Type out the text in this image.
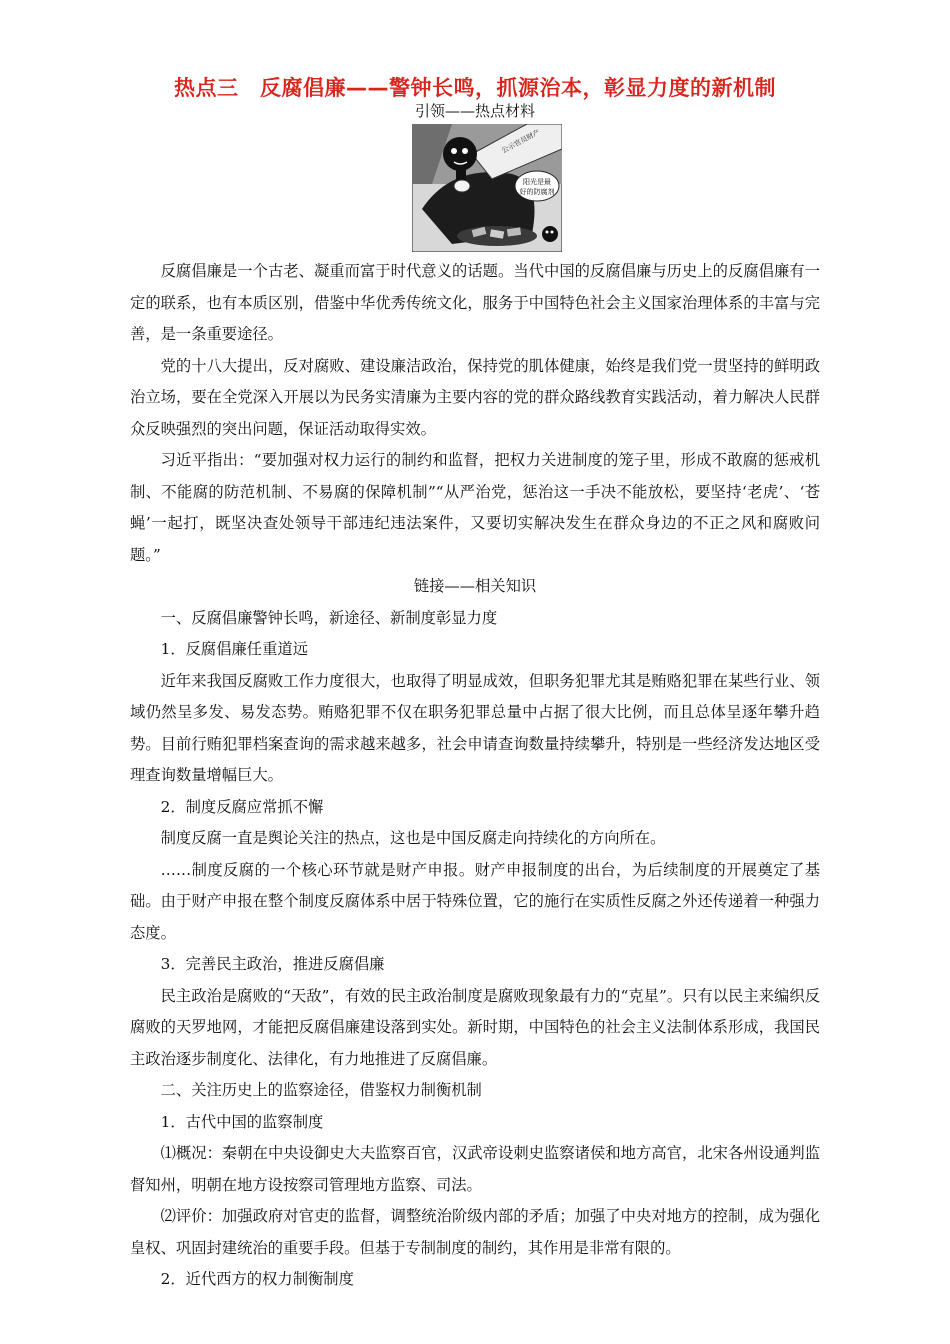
热点三　反腐倡廉——警钟长鸣，抓源治本，彰显力度的新机制
引领——热点材料
公示官员财产
阳光是最
好的防腐剂

反腐倡廉是一个古老、凝重而富于时代意义的话题。当代中国的反腐倡廉与历史上的反腐倡廉有一定的联系，也有本质区别，借鉴中华优秀传统文化，服务于中国特色社会主义国家治理体系的丰富与完善，是一条重要途径。

党的十八大提出，反对腐败、建设廉洁政治，保持党的肌体健康，始终是我们党一贯坚持的鲜明政治立场，要在全党深入开展以为民务实清廉为主要内容的党的群众路线教育实践活动，着力解决人民群众反映强烈的突出问题，保证活动取得实效。

习近平指出：“要加强对权力运行的制约和监督，把权力关进制度的笼子里，形成不敢腐的惩戒机制、不能腐的防范机制、不易腐的保障机制”“从严治党，惩治这一手决不能放松，要坚持‘老虎’、‘苍蝇’一起打，既坚决查处领导干部违纪违法案件，又要切实解决发生在群众身边的不正之风和腐败问题。”

链接——相关知识

一、反腐倡廉警钟长鸣，新途径、新制度彰显力度

1．反腐倡廉任重道远

近年来我国反腐败工作力度很大，也取得了明显成效，但职务犯罪尤其是贿赂犯罪在某些行业、领域仍然呈多发、易发态势。贿赂犯罪不仅在职务犯罪总量中占据了很大比例，而且总体呈逐年攀升趋势。目前行贿犯罪档案查询的需求越来越多，社会申请查询数量持续攀升，特别是一些经济发达地区受理查询数量增幅巨大。

2．制度反腐应常抓不懈

制度反腐一直是舆论关注的热点，这也是中国反腐走向持续化的方向所在。

……制度反腐的一个核心环节就是财产申报。财产申报制度的出台，为后续制度的开展奠定了基础。由于财产申报在整个制度反腐体系中居于特殊位置，它的施行在实质性反腐之外还传递着一种强力态度。

3．完善民主政治，推进反腐倡廉

民主政治是腐败的“天敌”，有效的民主政治制度是腐败现象最有力的“克星”。只有以民主来编织反腐败的天罗地网，才能把反腐倡廉建设落到实处。新时期，中国特色的社会主义法制体系形成，我国民主政治逐步制度化、法律化，有力地推进了反腐倡廉。

二、关注历史上的监察途径，借鉴权力制衡机制

1．古代中国的监察制度

⑴概况：秦朝在中央设御史大夫监察百官，汉武帝设刺史监察诸侯和地方高官，北宋各州设通判监督知州，明朝在地方设按察司管理地方监察、司法。

⑵评价：加强政府对官吏的监督，调整统治阶级内部的矛盾；加强了中央对地方的控制，成为强化皇权、巩固封建统治的重要手段。但基于专制制度的制约，其作用是非常有限的。

2．近代西方的权力制衡制度
